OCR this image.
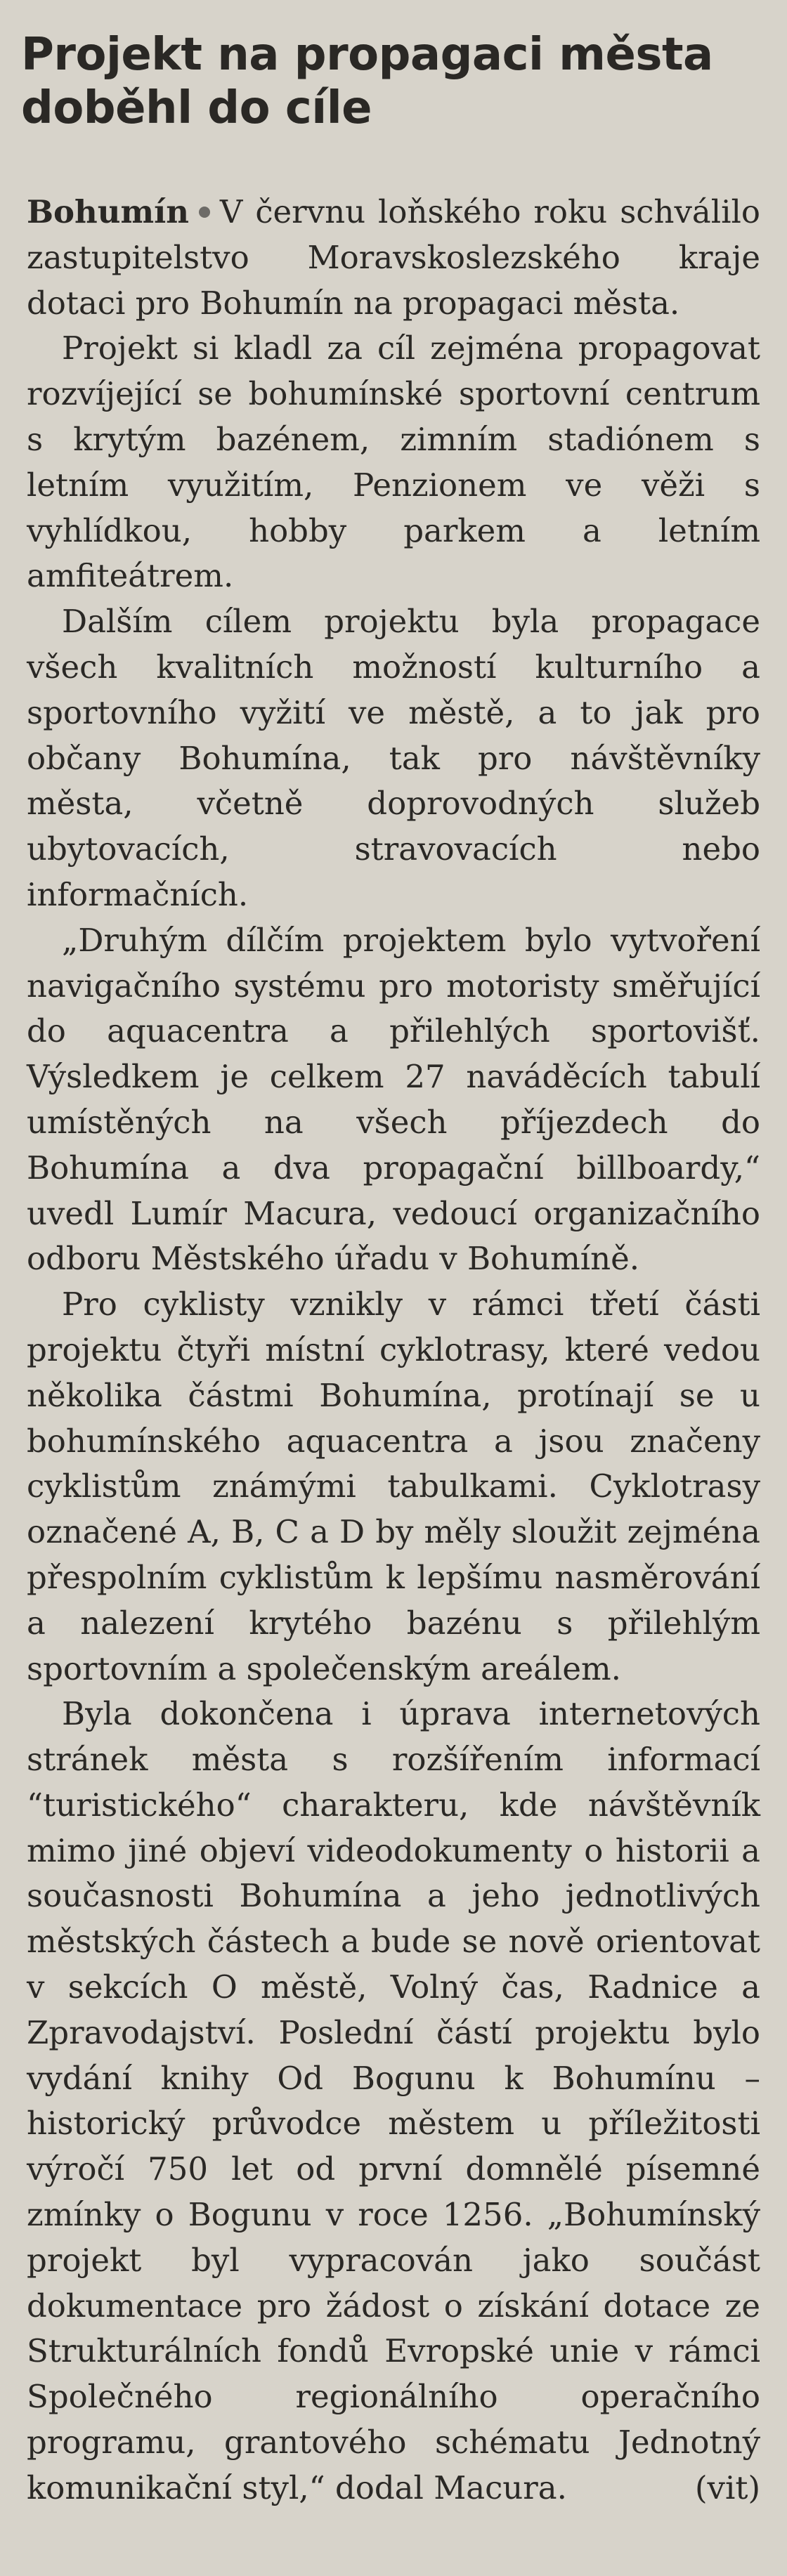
Projekt na propagaci města doběhl do cíle

Bohumín V červnu loňského roku schválilo zastupitelstvo Moravskoslezského kraje dotaci pro Bohumín na propagaci města.

Projekt si kladl za cíl zejména propagovat rozvíjející se bohumínské sportovní centrum s krytým bazénem, zimním stadiónem s letním využitím, Penzionem ve věži s vyhlídkou, hobby parkem a letním amfiteátrem.

Dalším cílem projektu byla propagace všech kvalitních možností kulturního a sportovního vyžití ve městě, a to jak pro občany Bohumína, tak pro návštěvníky města, včetně doprovodných služeb ubytovacích, stravovacích nebo informačních.

„Druhým dílčím projektem bylo vytvoření navigačního systému pro motoristy směřující do aquacentra a přilehlých sportovišť. Výsledkem je celkem 27 naváděcích tabulí umístěných na všech příjezdech do Bohumína a dva propagační billboardy,“ uvedl Lumír Macura, vedoucí organizačního odboru Městského úřadu v Bohumíně.

Pro cyklisty vznikly v rámci třetí části projektu čtyři místní cyklotrasy, které vedou několika částmi Bohumína, protínají se u bohumínského aquacentra a jsou značeny cyklistům známými tabulkami. Cyklotrasy označené A, B, C a D by měly sloužit zejména přespolním cyklistům k lepšímu nasměrování a nalezení krytého bazénu s přilehlým sportovním a společenským areálem.

Byla dokončena i úprava internetových stránek města s rozšířením informací “turistického“ charakteru, kde návštěvník mimo jiné objeví videodokumenty o historii a současnosti Bohumína a jeho jednotlivých městských částech a bude se nově orientovat v sekcích O městě, Volný čas, Radnice a Zpravodajství. Poslední částí projektu bylo vydání knihy Od Bogunu k Bohumínu – historický průvodce městem u příležitosti výročí 750 let od první domnělé písemné zmínky o Bogunu v roce 1256. „Bohumínský projekt byl vypracován jako součást dokumentace pro žádost o získání dotace ze Strukturálních fondů Evropské unie v rámci Společného regionálního operačního programu, grantového schématu Jednotný komunikační styl,“ dodal Macura.	(vit)
